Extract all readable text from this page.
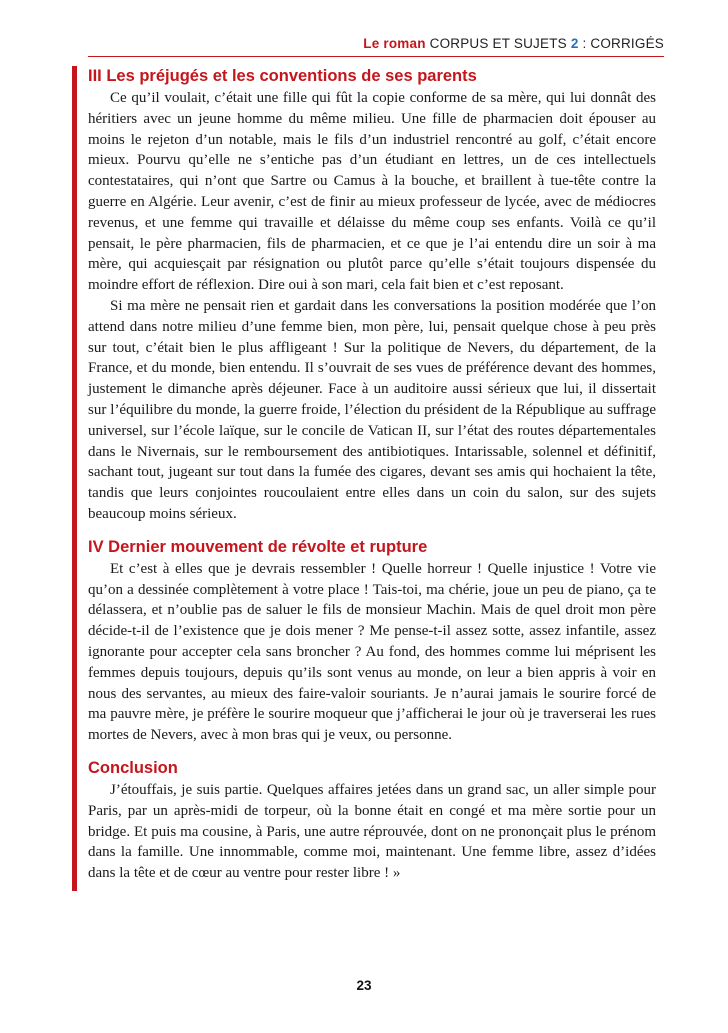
Le roman CORPUS ET SUJETS 2 : CORRIGÉS
III Les préjugés et les conventions de ses parents

Ce qu’il voulait, c’était une fille qui fût la copie conforme de sa mère, qui lui donnât des héritiers avec un jeune homme du même milieu. Une fille de pharmacien doit épouser au moins le rejeton d’un notable, mais le fils d’un industriel rencontré au golf, c’était encore mieux. Pourvu qu’elle ne s’entiche pas d’un étudiant en lettres, un de ces intellectuels contestataires, qui n’ont que Sartre ou Camus à la bouche, et braillent à tue-tête contre la guerre en Algérie. Leur avenir, c’est de finir au mieux professeur de lycée, avec de médiocres revenus, et une femme qui travaille et délaisse du même coup ses enfants. Voilà ce qu’il pensait, le père pharmacien, fils de pharmacien, et ce que je l’ai entendu dire un soir à ma mère, qui acquiesçait par résignation ou plutôt parce qu’elle s’était toujours dispensée du moindre effort de réflexion. Dire oui à son mari, cela fait bien et c’est reposant.

Si ma mère ne pensait rien et gardait dans les conversations la position modérée que l’on attend dans notre milieu d’une femme bien, mon père, lui, pensait quelque chose à peu près sur tout, c’était bien le plus affligeant ! Sur la politique de Nevers, du département, de la France, et du monde, bien entendu. Il s’ouvrait de ses vues de préférence devant des hommes, justement le dimanche après déjeuner. Face à un auditoire aussi sérieux que lui, il dissertait sur l’équilibre du monde, la guerre froide, l’élection du président de la République au suffrage universel, sur l’école laïque, sur le concile de Vatican II, sur l’état des routes départementales dans le Nivernais, sur le remboursement des antibiotiques. Intarissable, solennel et définitif, sachant tout, jugeant sur tout dans la fumée des cigares, devant ses amis qui hochaient la tête, tandis que leurs conjointes roucoulaient entre elles dans un coin du salon, sur des sujets beaucoup moins sérieux.

IV Dernier mouvement de révolte et rupture

Et c’est à elles que je devrais ressembler ! Quelle horreur ! Quelle injustice ! Votre vie qu’on a dessinée complètement à votre place ! Tais-toi, ma chérie, joue un peu de piano, ça te délassera, et n’oublie pas de saluer le fils de monsieur Machin. Mais de quel droit mon père décide-t-il de l’existence que je dois mener ? Me pense-t-il assez sotte, assez infantile, assez ignorante pour accepter cela sans broncher ? Au fond, des hommes comme lui méprisent les femmes depuis toujours, depuis qu’ils sont venus au monde, on leur a bien appris à voir en nous des servantes, au mieux des faire-valoir souriants. Je n’aurai jamais le sourire forcé de ma pauvre mère, je préfère le sourire moqueur que j’afficherai le jour où je traverserai les rues mortes de Nevers, avec à mon bras qui je veux, ou personne.

Conclusion

J’étouffais, je suis partie. Quelques affaires jetées dans un grand sac, un aller simple pour Paris, par un après-midi de torpeur, où la bonne était en congé et ma mère sortie pour un bridge. Et puis ma cousine, à Paris, une autre réprouvée, dont on ne prononçait plus le prénom dans la famille. Une innommable, comme moi, maintenant. Une femme libre, assez d’idées dans la tête et de cœur au ventre pour rester libre ! »

23
